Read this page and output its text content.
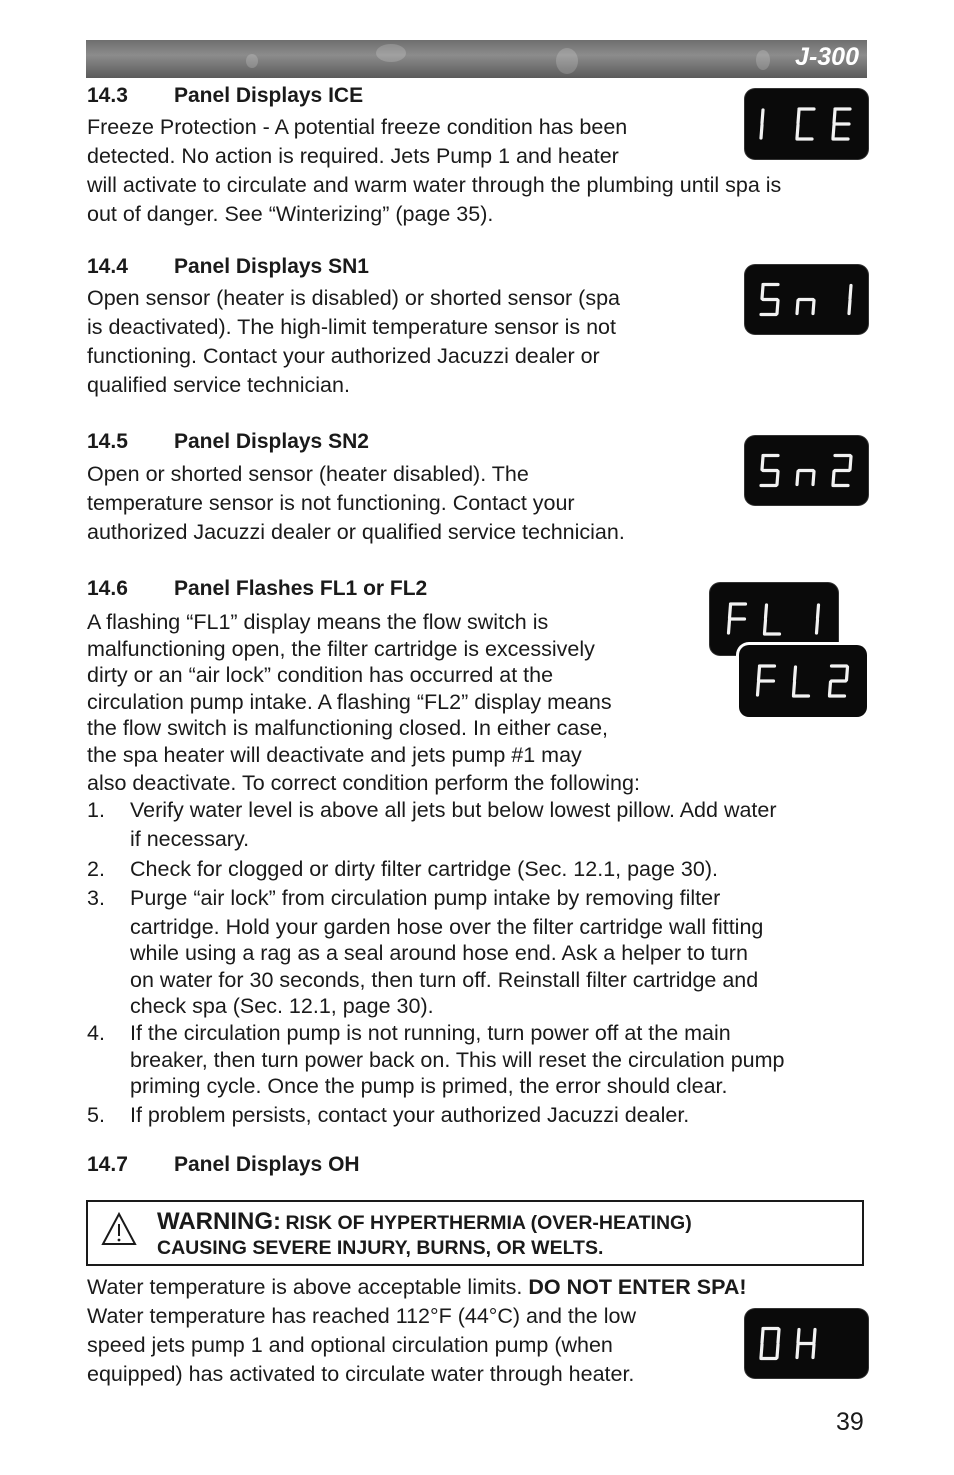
J-300
14.3 Panel Displays ICE
Freeze Protection - A potential freeze condition has been
detected. No action is required. Jets Pump 1 and heater
will activate to circulate and warm water through the plumbing until spa is
out of danger. See “Winterizing” (page 35).
14.4 Panel Displays SN1
Open sensor (heater is disabled) or shorted sensor (spa
is deactivated). The high-limit temperature sensor is not
functioning. Contact your authorized Jacuzzi dealer or
qualified service technician.
14.5 Panel Displays SN2
Open or shorted sensor (heater disabled). The
temperature sensor is not functioning. Contact your
authorized Jacuzzi dealer or qualified service technician.
14.6 Panel Flashes FL1 or FL2
A flashing “FL1” display means the flow switch is
malfunctioning open, the filter cartridge is excessively
dirty or an “air lock” condition has occurred at the
circulation pump intake. A flashing “FL2” display means
the flow switch is malfunctioning closed. In either case,
the spa heater will deactivate and jets pump #1 may
also deactivate. To correct condition perform the following:
1.	Verify water level is above all jets but below lowest pillow. Add water
if necessary.
2.	Check for clogged or dirty filter cartridge (Sec. 12.1, page 30).
3.	Purge “air lock” from circulation pump intake by removing filter
cartridge. Hold your garden hose over the filter cartridge wall fitting
while using a rag as a seal around hose end. Ask a helper to turn
on water for 30 seconds, then turn off. Reinstall filter cartridge and
check spa (Sec. 12.1, page 30).
4.	If the circulation pump is not running, turn power off at the main
breaker, then turn power back on. This will reset the circulation pump
priming cycle. Once the pump is primed, the error should clear.
5.	If problem persists, contact your authorized Jacuzzi dealer.
14.7 Panel Displays OH
WARNING: RISK OF HYPERTHERMIA (OVER-HEATING)
CAUSING SEVERE INJURY, BURNS, OR WELTS.
Water temperature is above acceptable limits. DO NOT ENTER SPA!
Water temperature has reached 112°F (44°C) and the low
speed jets pump 1 and optional circulation pump (when
equipped) has activated to circulate water through heater.
39
